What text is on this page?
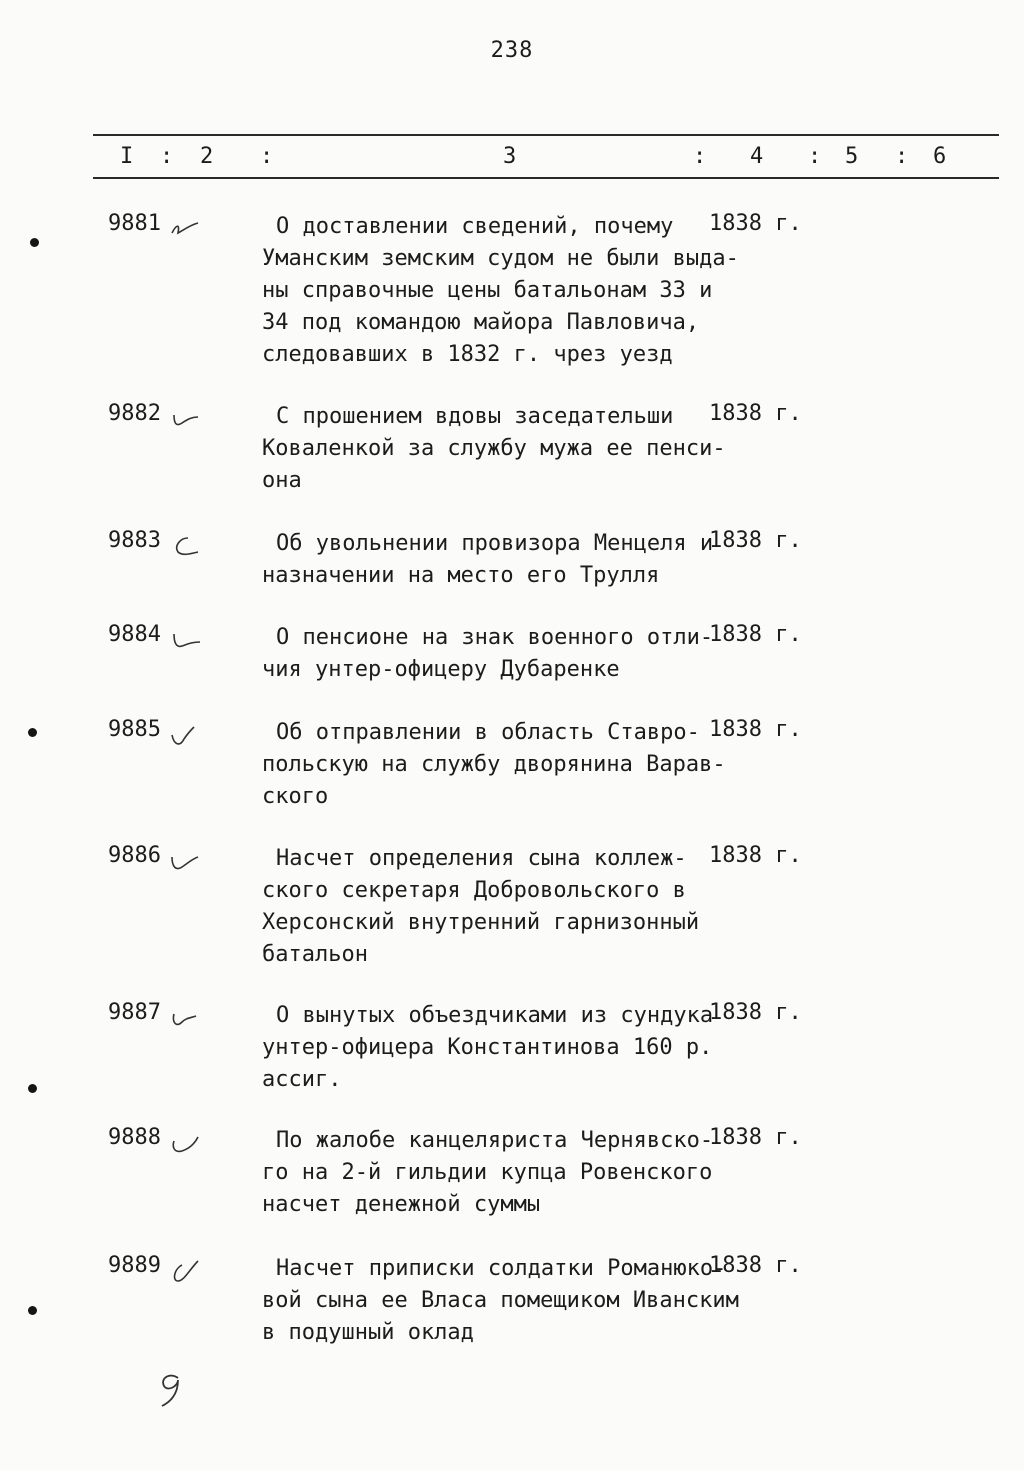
238
I : 2 :	3	: 4 : 5 : 6
9881	О доставлении сведений, почему
Уманским земским судом не были выда-
ны справочные цены батальонам 33 и
34 под командою майора Павловича,
следовавших в 1832 г. чрез уезд
1838 г.
9882	С прошением вдовы заседательши
Коваленкой за службу мужа ее пенси-
она
1838 г.
9883	Об увольнении провизора Менцеля и
назначении на место его Трулля
1838 г.
9884	О пенсионе на знак военного отли-
чия унтер-офицеру Дубаренке
1838 г.
9885	Об отправлении в область Ставро-
польскую на службу дворянина Варав-
ского
1838 г.
9886	Насчет определения сына коллеж-
ского секретаря Добровольского в
Херсонский внутренний гарнизонный
батальон
1838 г.
9887	О вынутых объездчиками из сундука
унтер-офицера Константинова 160 р.
ассиг.
1838 г.
9888	По жалобе канцеляриста Чернявско-
го на 2-й гильдии купца Ровенского
насчет денежной суммы
1838 г.
9889	Насчет приписки солдатки Романюко-
вой сына ее Власа помещиком Иванским
в подушный оклад
1838 г.
